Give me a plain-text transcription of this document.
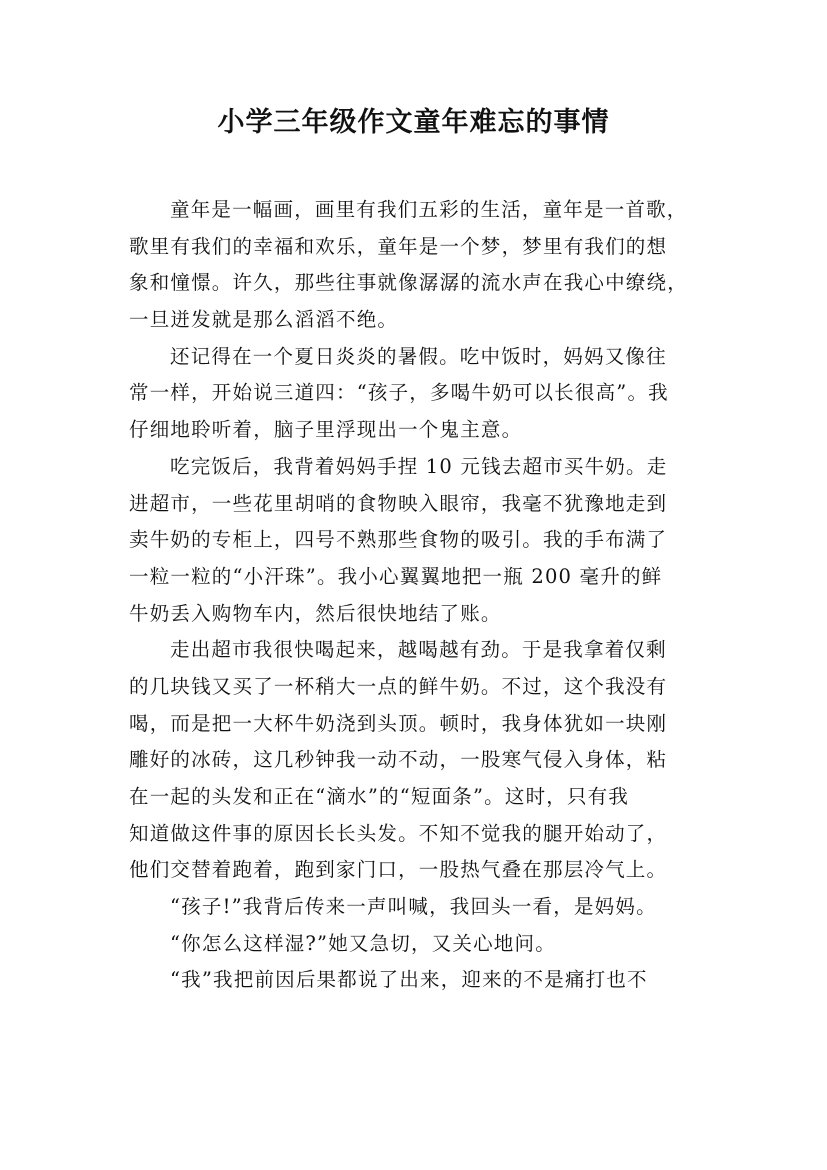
小学三年级作文童年难忘的事情
童年是一幅画，画里有我们五彩的生活，童年是一首歌，
歌里有我们的幸福和欢乐，童年是一个梦，梦里有我们的想
象和憧憬。许久，那些往事就像潺潺的流水声在我心中缭绕，
一旦迸发就是那么滔滔不绝。
还记得在一个夏日炎炎的暑假。吃中饭时，妈妈又像往
常一样，开始说三道四：“孩子，多喝牛奶可以长很高”。我
仔细地聆听着，脑子里浮现出一个鬼主意。
吃完饭后，我背着妈妈手捏 10 元钱去超市买牛奶。走
进超市，一些花里胡哨的食物映入眼帘，我毫不犹豫地走到
卖牛奶的专柜上，四号不熟那些食物的吸引。我的手布满了
一粒一粒的“小汗珠”。我小心翼翼地把一瓶 200 毫升的鲜
牛奶丢入购物车内，然后很快地结了账。
走出超市我很快喝起来，越喝越有劲。于是我拿着仅剩
的几块钱又买了一杯稍大一点的鲜牛奶。不过，这个我没有
喝，而是把一大杯牛奶浇到头顶。顿时，我身体犹如一块刚
雕好的冰砖，这几秒钟我一动不动，一股寒气侵入身体，粘
在一起的头发和正在“滴水”的“短面条”。这时，只有我
知道做这件事的原因长长头发。不知不觉我的腿开始动了，
他们交替着跑着，跑到家门口，一股热气叠在那层冷气上。
“孩子!”我背后传来一声叫喊，我回头一看，是妈妈。
“你怎么这样湿?”她又急切，又关心地问。
“我”我把前因后果都说了出来，迎来的不是痛打也不
